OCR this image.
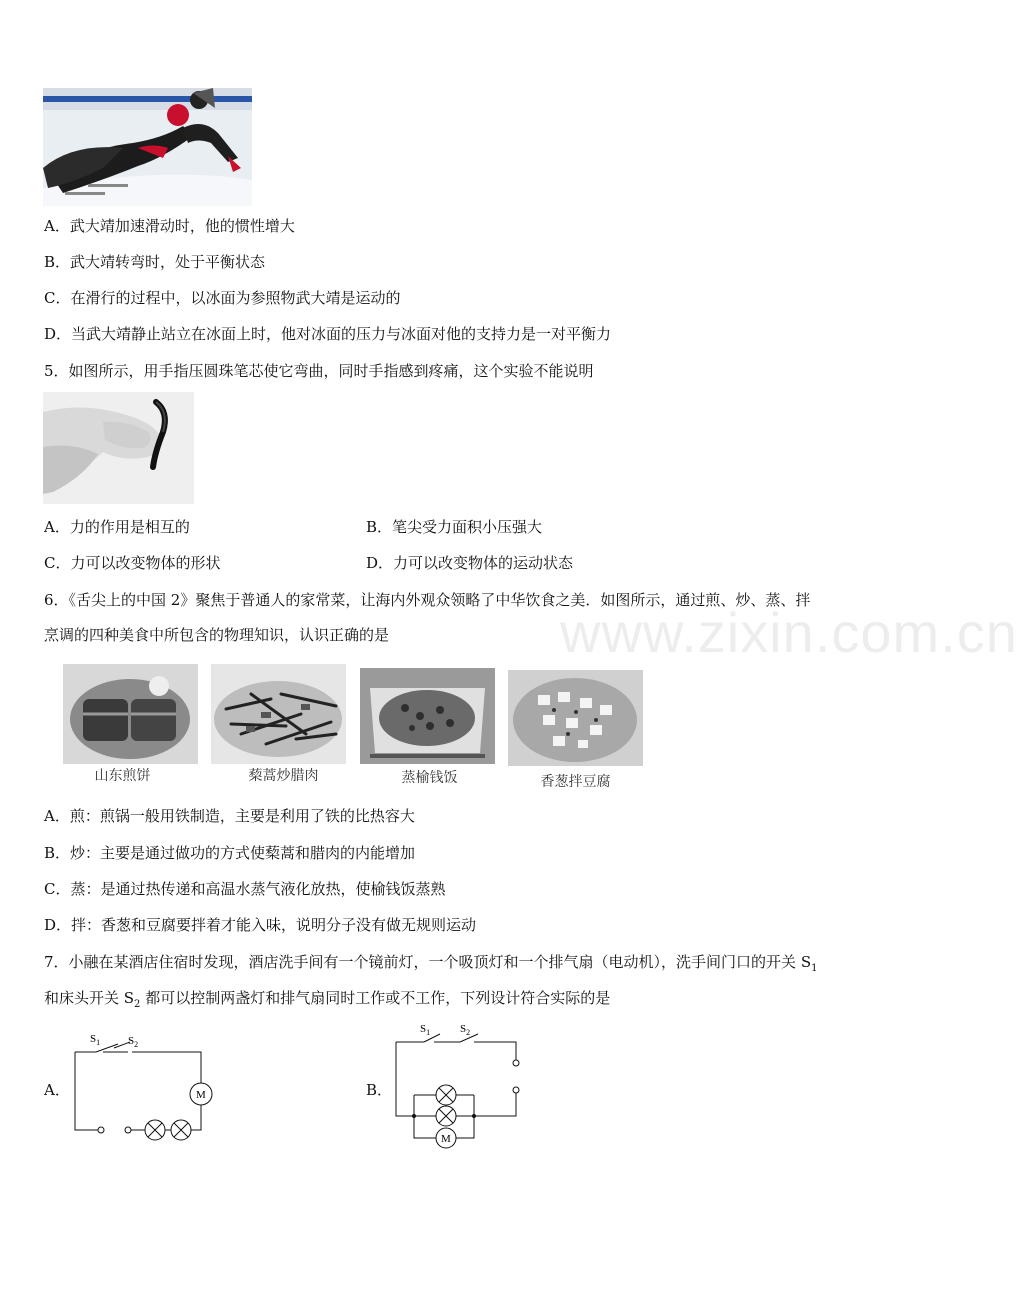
A．武大靖加速滑动时，他的惯性增大
B．武大靖转弯时，处于平衡状态
C．在滑行的过程中，以冰面为参照物武大靖是运动的
D．当武大靖静止站立在冰面上时，他对冰面的压力与冰面对他的支持力是一对平衡力
5．如图所示，用手指压圆珠笔芯使它弯曲，同时手指感到疼痛，这个实验不能说明
A．力的作用是相互的	B．笔尖受力面积小压强大
C．力可以改变物体的形状	D．力可以改变物体的运动状态
6．《舌尖上的中国 2》聚焦于普通人的家常菜，让海内外观众领略了中华饮食之美．如图所示，通过煎、炒、蒸、拌
烹调的四种美食中所包含的物理知识，认识正确的是	www.zixin.com.cn
山东煎饼	蔾蒿炒腊肉	蒸榆钱饭	香葱拌豆腐
A．煎：煎锅一般用铁制造，主要是利用了铁的比热容大
B．炒：主要是通过做功的方式使蔾蒿和腊肉的内能增加
C．蒸：是通过热传递和高温水蒸气液化放热，使榆钱饭蒸熟
D．拌：香葱和豆腐要拌着才能入味，说明分子没有做无规则运动
7．小融在某酒店住宿时发现，酒店洗手间有一个镜前灯，一个吸顶灯和一个排气扇（电动机），洗手间门口的开关 $S_1$
和床头开关 $S_2$ 都可以控制两盏灯和排气扇同时工作或不工作，下列设计符合实际的是
A．	B．
$S_1$	$S_2$
M
$S_1$	$S_2$
M
